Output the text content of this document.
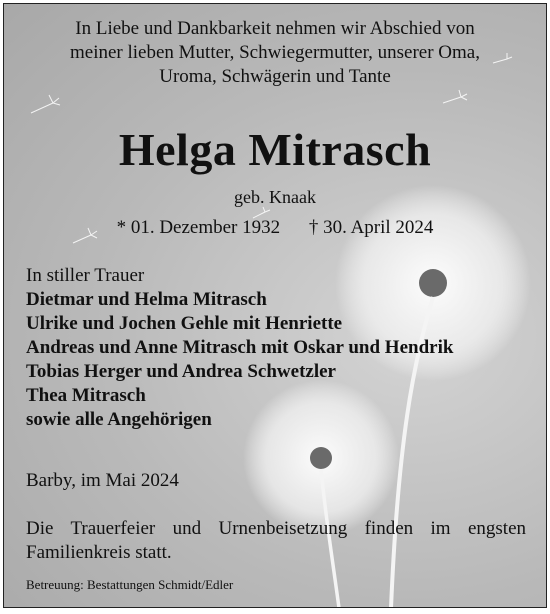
In Liebe und Dankbarkeit nehmen wir Abschied von
meiner lieben Mutter, Schwiegermutter, unserer Oma,
Uroma, Schwägerin und Tante
Helga Mitrasch
geb. Knaak
* 01. Dezember 1932 † 30. April 2024
In stiller Trauer
Dietmar und Helma Mitrasch
Ulrike und Jochen Gehle mit Henriette
Andreas und Anne Mitrasch mit Oskar und Hendrik
Tobias Herger und Andrea Schwetzler
Thea Mitrasch
sowie alle Angehörigen
Barby, im Mai 2024
Die Trauerfeier und Urnenbeisetzung finden im engsten Familienkreis statt.
Betreuung: Bestattungen Schmidt/Edler
